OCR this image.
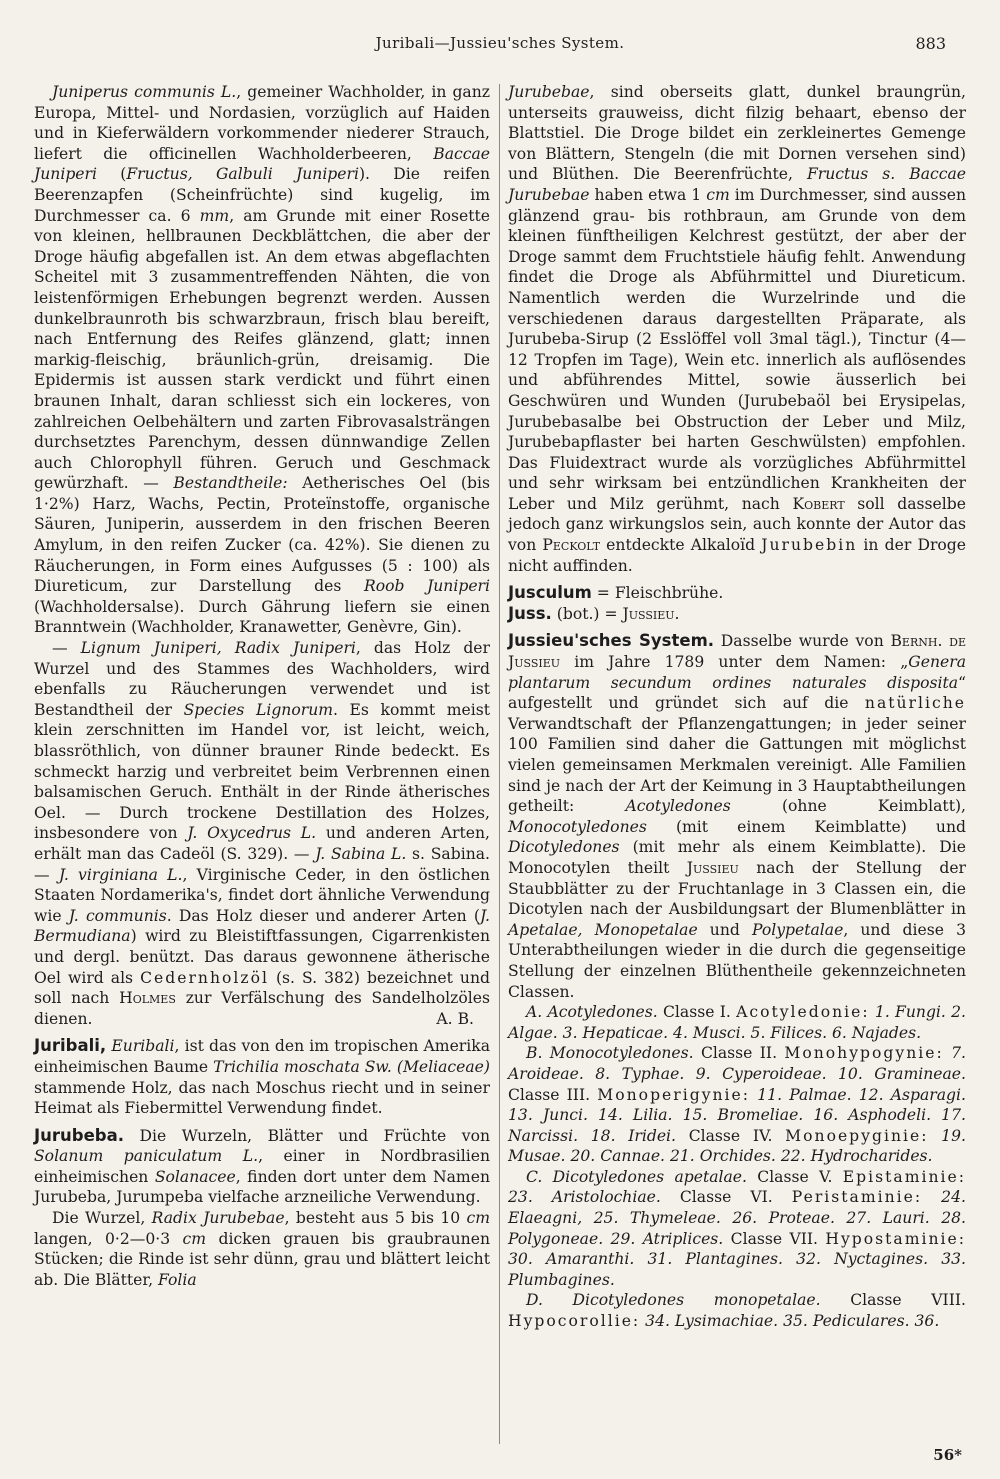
Juribali—Jussieu'sches System.	883

Juniperus communis L., gemeiner Wachholder, in ganz Europa, Mittel- und Nordasien, vorzüglich auf Haiden und in Kieferwäldern vorkommender niederer Strauch, liefert die officinellen Wachholderbeeren, Baccae Juniperi (Fructus, Galbuli Juniperi). Die reifen Beerenzapfen (Scheinfrüchte) sind kugelig, im Durchmesser ca. 6 mm, am Grunde mit einer Rosette von kleinen, hellbraunen Deckblättchen, die aber der Droge häufig abgefallen ist. An dem etwas abgeflachten Scheitel mit 3 zusammentreffenden Nähten, die von leistenförmigen Erhebungen begrenzt werden. Aussen dunkelbraunroth bis schwarzbraun, frisch blau bereift, nach Entfernung des Reifes glänzend, glatt; innen markig-fleischig, bräunlich-grün, dreisamig. Die Epidermis ist aussen stark verdickt und führt einen braunen Inhalt, daran schliesst sich ein lockeres, von zahlreichen Oelbehältern und zarten Fibrovasalsträngen durchsetztes Parenchym, dessen dünnwandige Zellen auch Chlorophyll führen. Geruch und Geschmack gewürzhaft. — Bestandtheile: Aetherisches Oel (bis 1·2%) Harz, Wachs, Pectin, Proteïnstoffe, organische Säuren, Juniperin, ausserdem in den frischen Beeren Amylum, in den reifen Zucker (ca. 42%). Sie dienen zu Räucherungen, in Form eines Aufgusses (5 : 100) als Diureticum, zur Darstellung des Roob Juniperi (Wachholdersalse). Durch Gährung liefern sie einen Branntwein (Wachholder, Kranawetter, Genèvre, Gin).

— Lignum Juniperi, Radix Juniperi, das Holz der Wurzel und des Stammes des Wachholders, wird ebenfalls zu Räucherungen verwendet und ist Bestandtheil der Species Lignorum. Es kommt meist klein zerschnitten im Handel vor, ist leicht, weich, blassröthlich, von dünner brauner Rinde bedeckt. Es schmeckt harzig und verbreitet beim Verbrennen einen balsamischen Geruch. Enthält in der Rinde ätherisches Oel. — Durch trockene Destillation des Holzes, insbesondere von J. Oxycedrus L. und anderen Arten, erhält man das Cadeöl (S. 329). — J. Sabina L. s. Sabina. — J. virginiana L., Virginische Ceder, in den östlichen Staaten Nordamerika's, findet dort ähnliche Verwendung wie J. communis. Das Holz dieser und anderer Arten (J. Bermudiana) wird zu Bleistiftfassungen, Cigarrenkisten und dergl. benützt. Das daraus gewonnene ätherische Oel wird als Cedernholzöl (s. S. 382) bezeichnet und soll nach Holmes zur Verfälschung des Sandelholzöles dienen.	A. B.

Juribali, Euribali, ist das von den im tropischen Amerika einheimischen Baume Trichilia moschata Sw. (Meliaceae) stammende Holz, das nach Moschus riecht und in seiner Heimat als Fiebermittel Verwendung findet.

Jurubeba. Die Wurzeln, Blätter und Früchte von Solanum paniculatum L., einer in Nordbrasilien einheimischen Solanacee, finden dort unter dem Namen Jurubeba, Jurumpeba vielfache arzneiliche Verwendung.

Die Wurzel, Radix Jurubebae, besteht aus 5 bis 10 cm langen, 0·2—0·3 cm dicken grauen bis graubraunen Stücken; die Rinde ist sehr dünn, grau und blättert leicht ab. Die Blätter, Folia

Jurubebae, sind oberseits glatt, dunkel braungrün, unterseits grauweiss, dicht filzig behaart, ebenso der Blattstiel. Die Droge bildet ein zerkleinertes Gemenge von Blättern, Stengeln (die mit Dornen versehen sind) und Blüthen. Die Beerenfrüchte, Fructus s. Baccae Jurubebae haben etwa 1 cm im Durchmesser, sind aussen glänzend grau- bis rothbraun, am Grunde von dem kleinen fünftheiligen Kelchrest gestützt, der aber der Droge sammt dem Fruchtstiele häufig fehlt. Anwendung findet die Droge als Abführmittel und Diureticum. Namentlich werden die Wurzelrinde und die verschiedenen daraus dargestellten Präparate, als Jurubeba-Sirup (2 Esslöffel voll 3mal tägl.), Tinctur (4—12 Tropfen im Tage), Wein etc. innerlich als auflösendes und abführendes Mittel, sowie äusserlich bei Geschwüren und Wunden (Jurubebaöl bei Erysipelas, Jurubebasalbe bei Obstruction der Leber und Milz, Jurubebapflaster bei harten Geschwülsten) empfohlen. Das Fluidextract wurde als vorzügliches Abführmittel und sehr wirksam bei entzündlichen Krankheiten der Leber und Milz gerühmt, nach Kobert soll dasselbe jedoch ganz wirkungslos sein, auch konnte der Autor das von Peckolt entdeckte Alkaloïd Jurubebin in der Droge nicht auffinden.

Jusculum = Fleischbrühe.

Juss. (bot.) = Jussieu.

Jussieu'sches System. Dasselbe wurde von Bernh. de Jussieu im Jahre 1789 unter dem Namen: „Genera plantarum secundum ordines naturales disposita“ aufgestellt und gründet sich auf die natürliche Verwandtschaft der Pflanzengattungen; in jeder seiner 100 Familien sind daher die Gattungen mit möglichst vielen gemeinsamen Merkmalen vereinigt. Alle Familien sind je nach der Art der Keimung in 3 Hauptabtheilungen getheilt: Acotyledones (ohne Keimblatt), Monocotyledones (mit einem Keimblatte) und Dicotyledones (mit mehr als einem Keimblatte). Die Monocotylen theilt Jussieu nach der Stellung der Staubblätter zu der Fruchtanlage in 3 Classen ein, die Dicotylen nach der Ausbildungsart der Blumenblätter in Apetalae, Monopetalae und Polypetalae, und diese 3 Unterabtheilungen wieder in die durch die gegenseitige Stellung der einzelnen Blüthentheile gekennzeichneten Classen.

A. Acotyledones. Classe I. Acotyledonie: 1. Fungi. 2. Algae. 3. Hepaticae. 4. Musci. 5. Filices. 6. Najades.

B. Monocotyledones. Classe II. Monohypogynie: 7. Aroideae. 8. Typhae. 9. Cyperoideae. 10. Gramineae. Classe III. Monoperigynie: 11. Palmae. 12. Asparagi. 13. Junci. 14. Lilia. 15. Bromeliae. 16. Asphodeli. 17. Narcissi. 18. Iridei. Classe IV. Monoepyginie: 19. Musae. 20. Cannae. 21. Orchides. 22. Hydrocharides.

C. Dicotyledones apetalae. Classe V. Epistaminie: 23. Aristolochiae. Classe VI. Peristaminie: 24. Elaeagni, 25. Thymeleae. 26. Proteae. 27. Lauri. 28. Polygoneae. 29. Atriplices. Classe VII. Hypostaminie: 30. Amaranthi. 31. Plantagines. 32. Nyctagines. 33. Plumbagines.

D. Dicotyledones monopetalae. Classe VIII. Hypocorollie: 34. Lysimachiae. 35. Pediculares. 36.

56*
